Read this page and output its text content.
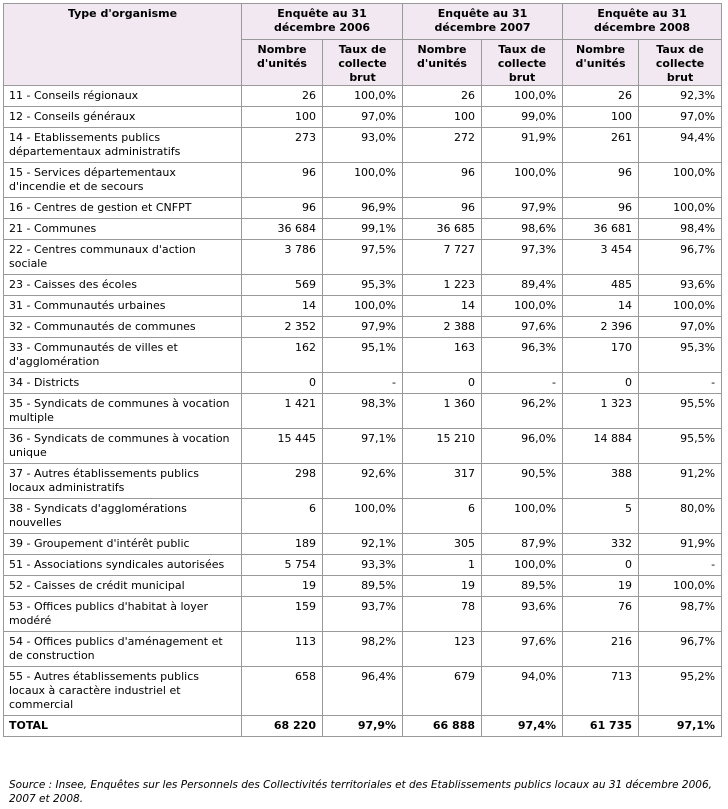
Type d'organisme	Enquête au 31 décembre 2006		Enquête au 31 décembre 2007		Enquête au 31 décembre 2008	
	Nombre d'unités	Taux de collecte brut	Nombre d'unités	Taux de collecte brut	Nombre d'unités	Taux de collecte brut
11 - Conseils régionaux	26	100,0%	26	100,0%	26	92,3%
12 - Conseils généraux	100	97,0%	100	99,0%	100	97,0%
14 - Etablissements publics départementaux administratifs	273	93,0%	272	91,9%	261	94,4%
15 - Services départementaux d'incendie et de secours	96	100,0%	96	100,0%	96	100,0%
16 - Centres de gestion et CNFPT	96	96,9%	96	97,9%	96	100,0%
21 - Communes	36 684	99,1%	36 685	98,6%	36 681	98,4%
22 - Centres communaux d'action sociale	3 786	97,5%	7 727	97,3%	3 454	96,7%
23 - Caisses des écoles	569	95,3%	1 223	89,4%	485	93,6%
31 - Communautés urbaines	14	100,0%	14	100,0%	14	100,0%
32 - Communautés de communes	2 352	97,9%	2 388	97,6%	2 396	97,0%
33 - Communautés de villes et d'agglomération	162	95,1%	163	96,3%	170	95,3%
34 - Districts	0	-	0	-	0	-
35 - Syndicats de communes à vocation multiple	1 421	98,3%	1 360	96,2%	1 323	95,5%
36 - Syndicats de communes à vocation unique	15 445	97,1%	15 210	96,0%	14 884	95,5%
37 - Autres établissements publics locaux administratifs	298	92,6%	317	90,5%	388	91,2%
38 - Syndicats d'agglomérations nouvelles	6	100,0%	6	100,0%	5	80,0%
39 - Groupement d'intérêt public	189	92,1%	305	87,9%	332	91,9%
51 - Associations syndicales autorisées	5 754	93,3%	1	100,0%	0	-
52 - Caisses de crédit municipal	19	89,5%	19	89,5%	19	100,0%
53 - Offices publics d'habitat à loyer modéré	159	93,7%	78	93,6%	76	98,7%
54 - Offices publics d'aménagement et de construction	113	98,2%	123	97,6%	216	96,7%
55 - Autres établissements publics locaux à caractère industriel et commercial	658	96,4%	679	94,0%	713	95,2%
TOTAL	68 220	97,9%	66 888	97,4%	61 735	97,1%
Source : Insee, Enquêtes sur les Personnels des Collectivités territoriales et des Etablissements publics locaux au 31 décembre 2006, 2007 et 2008.
